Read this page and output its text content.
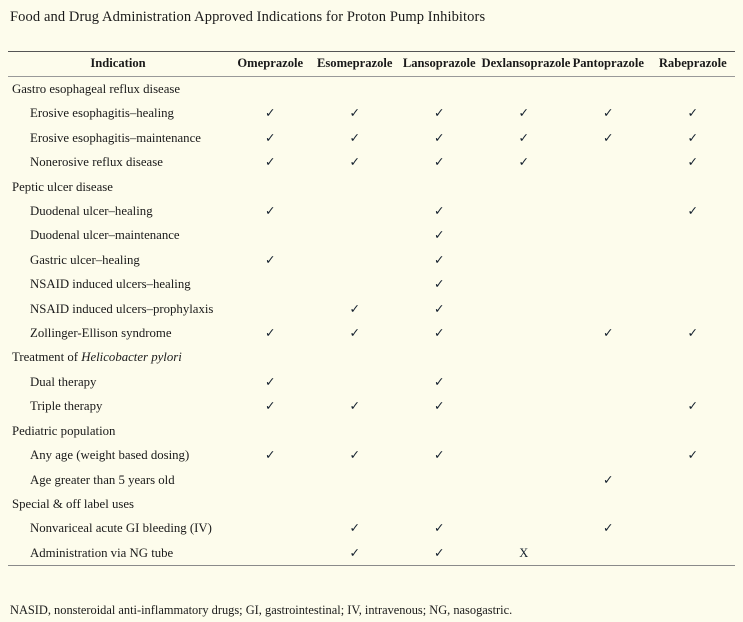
Food and Drug Administration Approved Indications for Proton Pump Inhibitors
Indication	Omeprazole	Esomeprazole	Lansoprazole	Dexlansoprazole	Pantoprazole	Rabeprazole
Gastro esophageal reflux disease						
Erosive esophagitis–healing	✓	✓	✓	✓	✓	✓
Erosive esophagitis–maintenance	✓	✓	✓	✓	✓	✓
Nonerosive reflux disease	✓	✓	✓	✓		✓
Peptic ulcer disease						
Duodenal ulcer–healing	✓		✓			✓
Duodenal ulcer–maintenance			✓			
Gastric ulcer–healing	✓		✓			
NSAID induced ulcers–healing			✓			
NSAID induced ulcers–prophylaxis		✓	✓			
Zollinger-Ellison syndrome	✓	✓	✓		✓	✓
Treatment of Helicobacter pylori						
Dual therapy	✓		✓			
Triple therapy	✓	✓	✓			✓
Pediatric population						
Any age (weight based dosing)	✓	✓	✓			✓
Age greater than 5 years old					✓	
Special & off label uses						
Nonvariceal acute GI bleeding (IV)		✓	✓		✓	
Administration via NG tube		✓	✓	X		
NASID, nonsteroidal anti-inflammatory drugs; GI, gastrointestinal; IV, intravenous; NG, nasogastric.
